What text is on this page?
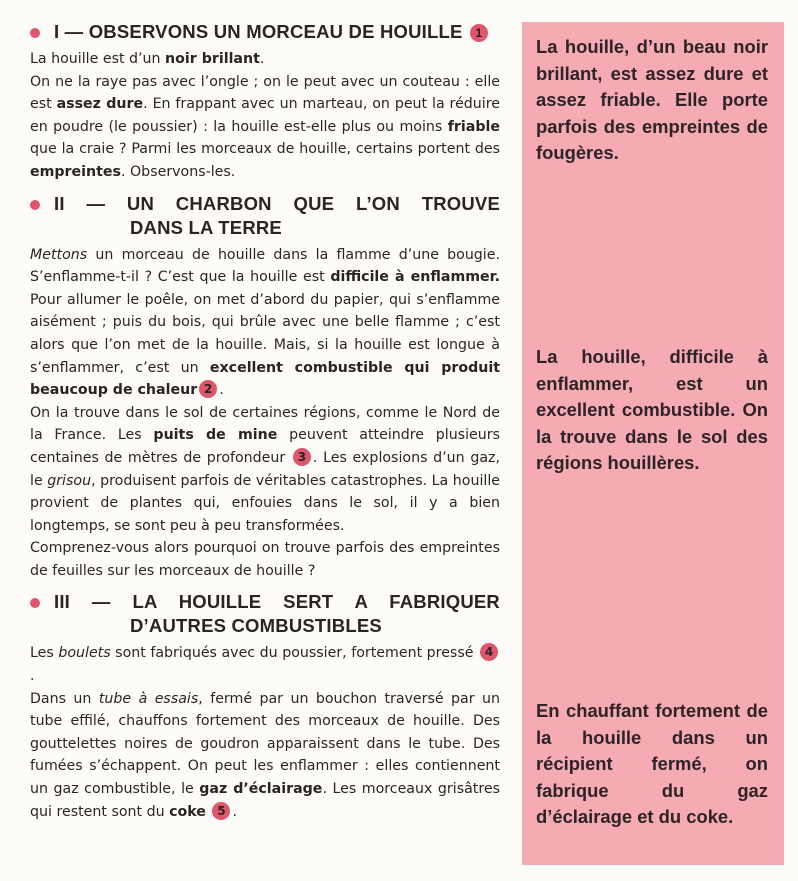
I — OBSERVONS UN MORCEAU DE HOUILLE 1

La houille est d’un noir brillant.

On ne la raye pas avec l’ongle ; on le peut avec un couteau : elle est assez dure. En frappant avec un marteau, on peut la réduire en poudre (le poussier) : la houille est-elle plus ou moins friable que la craie ? Parmi les morceaux de houille, certains portent des empreintes. Observons-les.

II — UN CHARBON QUE L’ON TROUVE
DANS LA TERRE

Mettons un morceau de houille dans la flamme d’une bougie. S’enflamme-t-il ? C’est que la houille est difficile à enflammer. Pour allumer le poêle, on met d’abord du papier, qui s’enflamme aisément ; puis du bois, qui brûle avec une belle flamme ; c’est alors que l’on met de la houille. Mais, si la houille est longue à s’enflammer, c’est un excellent combustible qui produit beaucoup de chaleur 2 .

On la trouve dans le sol de certaines régions, comme le Nord de la France. Les puits de mine peuvent atteindre plusieurs centaines de mètres de profondeur 3 . Les explosions d’un gaz, le grisou, produisent parfois de véritables catastrophes. La houille provient de plantes qui, enfouies dans le sol, il y a bien longtemps, se sont peu à peu transformées.

Comprenez-vous alors pourquoi on trouve parfois des empreintes de feuilles sur les morceaux de houille ?

III — LA HOUILLE SERT A FABRIQUER
D’AUTRES COMBUSTIBLES

Les boulets sont fabriqués avec du poussier, fortement pressé 4.

Dans un tube à essais, fermé par un bouchon traversé par un tube effilé, chauffons fortement des morceaux de houille. Des gouttelettes noires de goudron apparaissent dans le tube. Des fumées s’échappent. On peut les enflammer : elles contiennent un gaz combustible, le gaz d’éclairage. Les morceaux grisâtres qui restent sont du coke 5 .

La houille, d’un beau noir brillant, est assez dure et assez friable. Elle porte parfois des empreintes de fougères.

La houille, difficile à enflammer, est un excellent combustible. On la trouve dans le sol des régions houillères.

En chauffant fortement de la houille dans un récipient fermé, on fabrique du gaz d’éclairage et du coke.
